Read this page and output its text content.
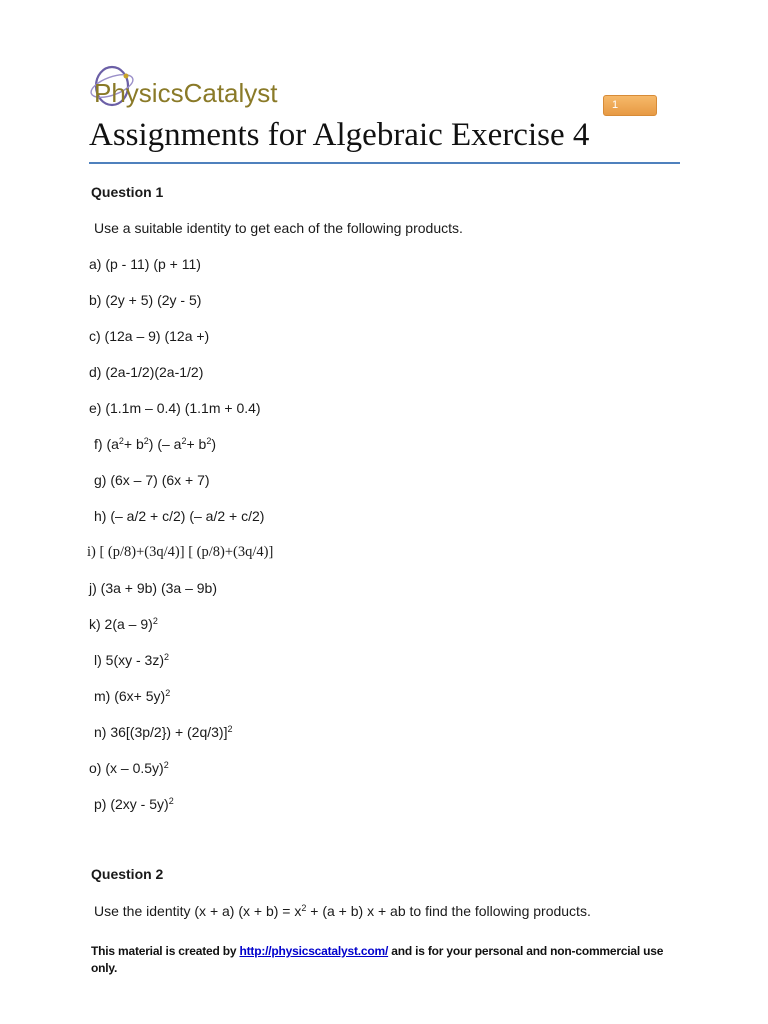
PhysicsCatalyst	1
Assignments for Algebraic Exercise 4
Question 1

Use a suitable identity to get each of the following products.

a) (p - 11) (p + 11)

b) (2y + 5) (2y - 5)

c) (12a – 9) (12a +)

d) (2a-1/2)(2a-1/2)

e) (1.1m – 0.4) (1.1m + 0.4)

f) $(a^2+ b^2)$ (– $a^2+ b^2$)

g) (6x – 7) (6x + 7)

h) (– a/2 + c/2) (– a/2 + c/2)

i) [ (p/8)+(3q/4)] [ (p/8)+(3q/4)]

j) (3a + 9b) (3a – 9b)

k) 2(a – 9)$^2$

l) 5(xy - 3z)$^2$

m) $(6x+ 5y)^2$

n) $36[(3p/2\}) + (2q/3)]^2$

o) (x – 0.5y)$^2$

p) (2xy - 5y)$^2$

Question 2

Use the identity (x + a) $(x + b) = x^2 + (a + b) x$ + ab to find the following products.

This material is created by http://physicscatalyst.com/ and is for your personal and non-commercial use only.
